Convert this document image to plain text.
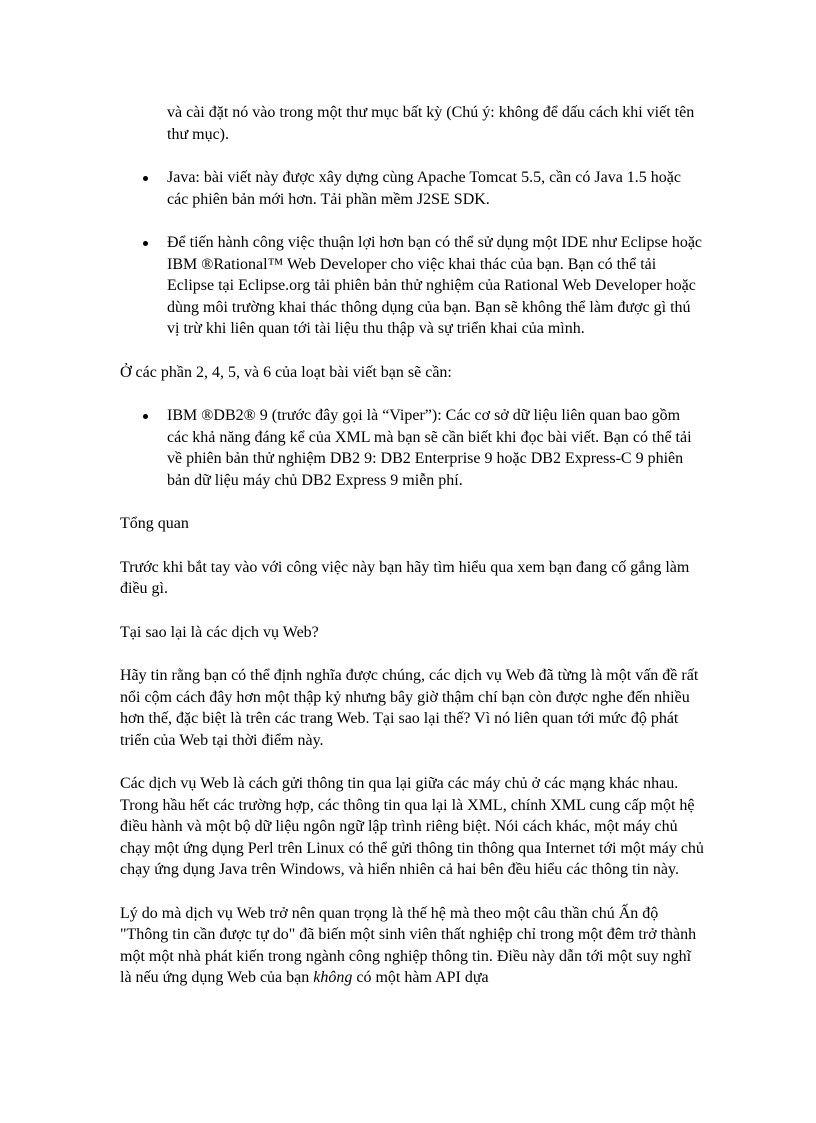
và cài đặt nó vào trong một thư mục bất kỳ (Chú ý: không để dấu cách khi viết tên thư mục).

Java: bài viết này được xây dựng cùng Apache Tomcat 5.5, cần có Java 1.5 hoặc các phiên bản mới hơn. Tải phần mềm J2SE SDK.
Để tiến hành công việc thuận lợi hơn bạn có thể sử dụng một IDE như Eclipse hoặc IBM ®Rational™ Web Developer cho việc khai thác của bạn. Bạn có thể tải Eclipse tại Eclipse.org tải phiên bản thử nghiệm của Rational Web Developer hoặc dùng môi trường khai thác thông dụng của bạn. Bạn sẽ không thể làm được gì thú vị trừ khi liên quan tới tài liệu thu thập và sự triển khai của mình.

Ở các phần 2, 4, 5, và 6 của loạt bài viết bạn sẽ cần:

IBM ®DB2® 9 (trước đây gọi là “Viper”): Các cơ sở dữ liệu liên quan bao gồm các khả năng đáng kể của XML mà bạn sẽ cần biết khi đọc bài viết. Bạn có thể tải về phiên bản thử nghiệm DB2 9: DB2 Enterprise 9 hoặc DB2 Express-C 9 phiên bản dữ liệu máy chủ DB2 Express 9 miễn phí.

Tổng quan

Trước khi bắt tay vào với công việc này bạn hãy tìm hiểu qua xem bạn đang cố gắng làm điều gì.

Tại sao lại là các dịch vụ Web?

Hãy tin rằng bạn có thể định nghĩa được chúng, các dịch vụ Web đã từng là một vấn đề rất nổi cộm cách đây hơn một thập kỷ nhưng bây giờ thậm chí bạn còn được nghe đến nhiều hơn thế, đặc biệt là trên các trang Web. Tại sao lại thế? Vì nó liên quan tới mức độ phát triển của Web tại thời điểm này.

Các dịch vụ Web là cách gửi thông tin qua lại giữa các máy chủ ở các mạng khác nhau. Trong hầu hết các trường hợp, các thông tin qua lại là XML, chính XML cung cấp một hệ điều hành và một bộ dữ liệu ngôn ngữ lập trình riêng biệt. Nói cách khác, một máy chủ chạy một ứng dụng Perl trên Linux có thể gửi thông tin thông qua Internet tới một máy chủ chạy ứng dụng Java trên Windows, và hiển nhiên cả hai bên đều hiểu các thông tin này.

Lý do mà dịch vụ Web trở nên quan trọng là thế hệ mà theo một câu thần chú Ấn độ "Thông tin cần được tự do" đã biến một sinh viên thất nghiệp chỉ trong một đêm trở thành một một nhà phát kiến trong ngành công nghiệp thông tin. Điều này dẫn tới một suy nghĩ là nếu ứng dụng Web của bạn không có một hàm API dựa
